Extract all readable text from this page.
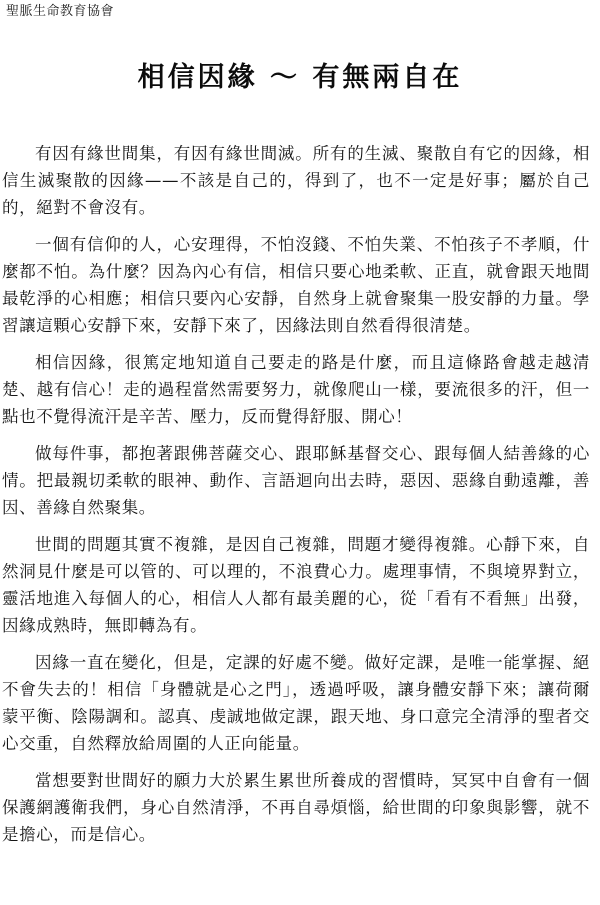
聖脈生命教育協會
相信因緣 ～ 有無兩自在

有因有緣世間集，有因有緣世間滅。所有的生滅、聚散自有它的因緣，相信生滅聚散的因緣——不該是自己的，得到了，也不一定是好事；屬於自己的，絕對不會沒有。

一個有信仰的人，心安理得，不怕沒錢、不怕失業、不怕孩子不孝順，什麼都不怕。為什麼？因為內心有信，相信只要心地柔軟、正直，就會跟天地間最乾淨的心相應；相信只要內心安靜，自然身上就會聚集一股安靜的力量。學習讓這顆心安靜下來，安靜下來了，因緣法則自然看得很清楚。

相信因緣，很篤定地知道自己要走的路是什麼，而且這條路會越走越清楚、越有信心！走的過程當然需要努力，就像爬山一樣，要流很多的汗，但一點也不覺得流汗是辛苦、壓力，反而覺得舒服、開心！

做每件事，都抱著跟佛菩薩交心、跟耶穌基督交心、跟每個人結善緣的心情。把最親切柔軟的眼神、動作、言語迴向出去時，惡因、惡緣自動遠離，善因、善緣自然聚集。

世間的問題其實不複雜，是因自己複雜，問題才變得複雜。心靜下來，自然洞見什麼是可以管的、可以理的，不浪費心力。處理事情，不與境界對立，靈活地進入每個人的心，相信人人都有最美麗的心，從「看有不看無」出發，因緣成熟時，無即轉為有。

因緣一直在變化，但是，定課的好處不變。做好定課，是唯一能掌握、絕不會失去的！相信「身體就是心之門」，透過呼吸，讓身體安靜下來；讓荷爾蒙平衡、陰陽調和。認真、虔誠地做定課，跟天地、身口意完全清淨的聖者交心交重，自然釋放給周圍的人正向能量。

當想要對世間好的願力大於累生累世所養成的習慣時，冥冥中自會有一個保護網護衛我們，身心自然清淨，不再自尋煩惱，給世間的印象與影響，就不是擔心，而是信心。
